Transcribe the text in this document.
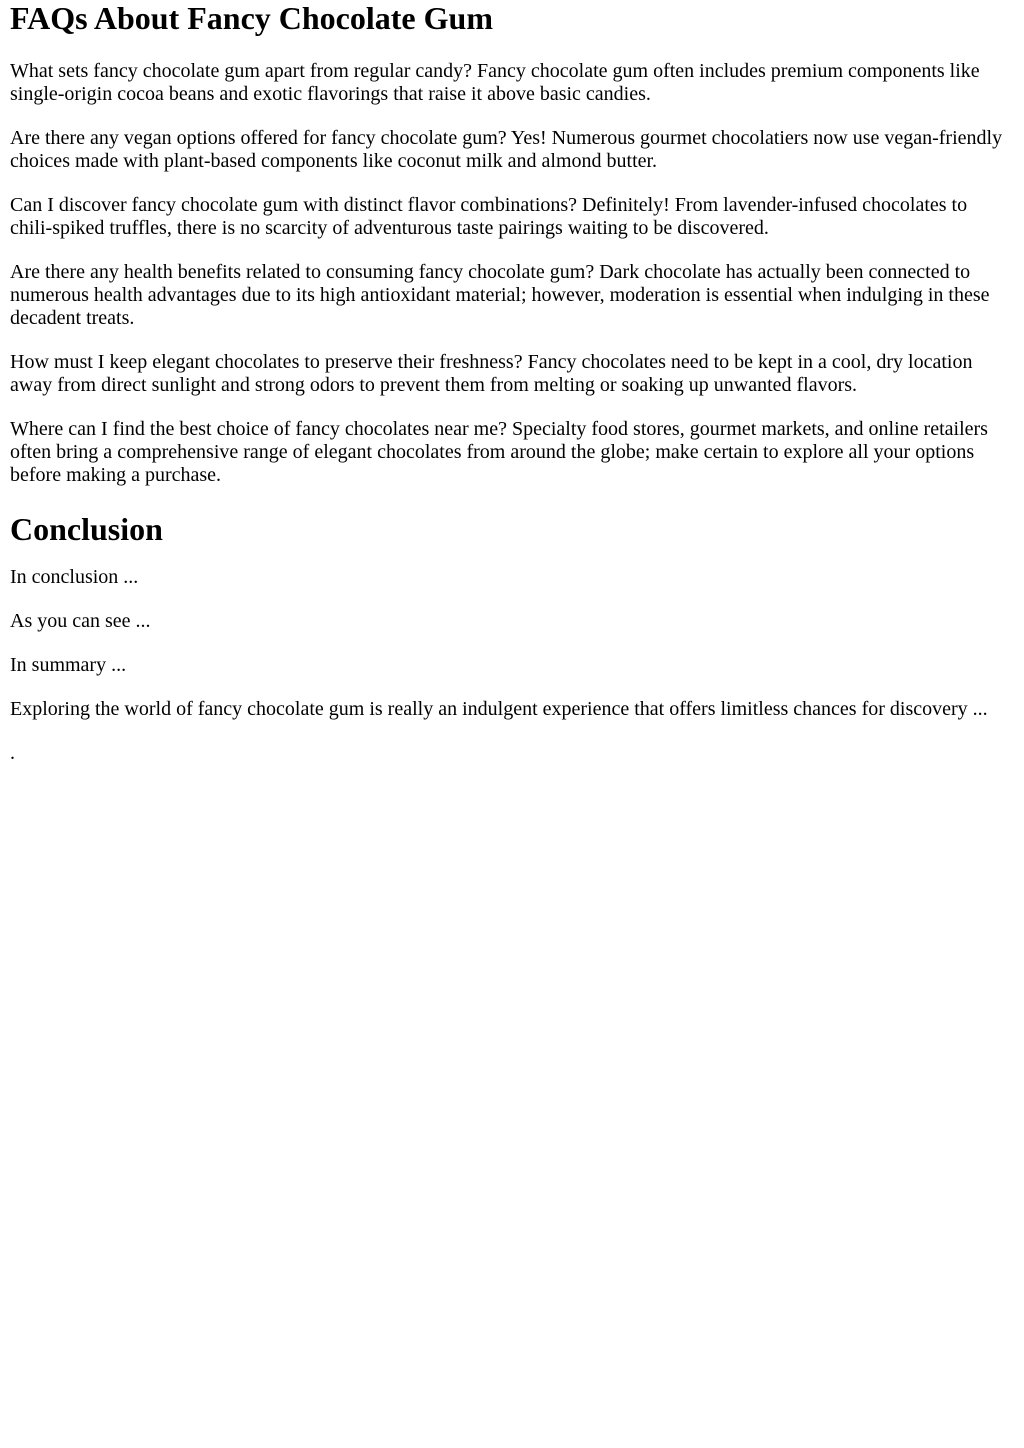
FAQs About Fancy Chocolate Gum

What sets fancy chocolate gum apart from regular candy? Fancy chocolate gum often includes premium components like single-origin cocoa beans and exotic flavorings that raise it above basic candies.

Are there any vegan options offered for fancy chocolate gum? Yes! Numerous gourmet chocolatiers now use vegan-friendly choices made with plant-based components like coconut milk and almond butter.

Can I discover fancy chocolate gum with distinct flavor combinations? Definitely! From lavender-infused chocolates to chili-spiked truffles, there is no scarcity of adventurous taste pairings waiting to be discovered.

Are there any health benefits related to consuming fancy chocolate gum? Dark chocolate has actually been connected to numerous health advantages due to its high antioxidant material; however, moderation is essential when indulging in these decadent treats.

How must I keep elegant chocolates to preserve their freshness? Fancy chocolates need to be kept in a cool, dry location away from direct sunlight and strong odors to prevent them from melting or soaking up unwanted flavors.

Where can I find the best choice of fancy chocolates near me? Specialty food stores, gourmet markets, and online retailers often bring a comprehensive range of elegant chocolates from around the globe; make certain to explore all your options before making a purchase.

Conclusion

In conclusion ...

As you can see ...

In summary ...

Exploring the world of fancy chocolate gum is really an indulgent experience that offers limitless chances for discovery ...

.
